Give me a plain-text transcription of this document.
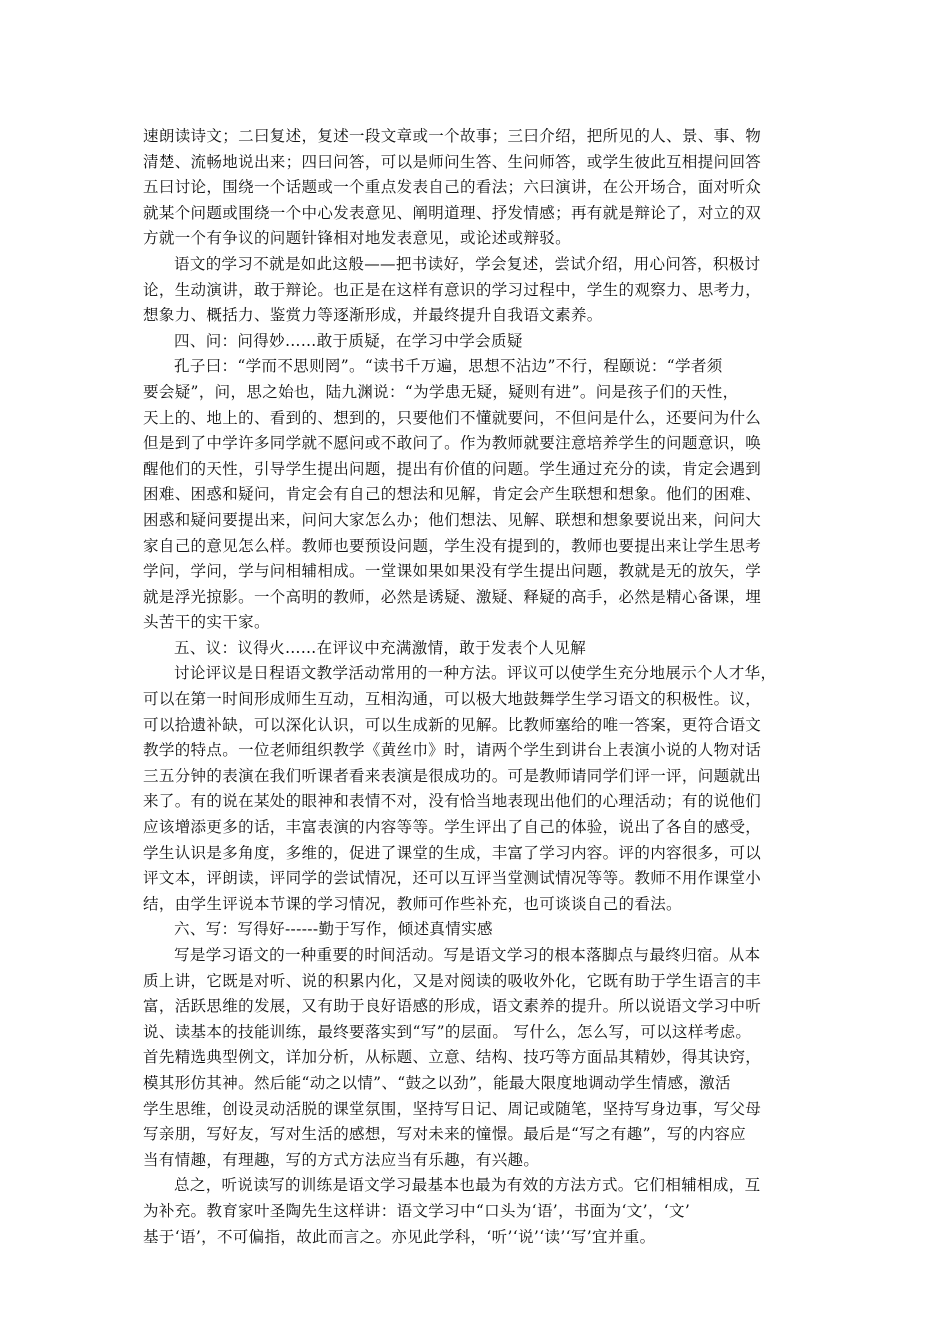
速朗读诗文；二曰复述，复述一段文章或一个故事；三曰介绍，把所见的人、景、事、物
清楚、流畅地说出来；四曰问答，可以是师问生答、生问师答，或学生彼此互相提问回答
五曰讨论，围绕一个话题或一个重点发表自己的看法；六曰演讲，在公开场合，面对听众
就某个问题或围绕一个中心发表意见、阐明道理、抒发情感；再有就是辩论了，对立的双
方就一个有争议的问题针锋相对地发表意见，或论述或辩驳。
语文的学习不就是如此这般——把书读好，学会复述，尝试介绍，用心问答，积极讨
论，生动演讲，敢于辩论。也正是在这样有意识的学习过程中，学生的观察力、思考力，
想象力、概括力、鉴赏力等逐渐形成，并最终提升自我语文素养。
四、问：问得妙……敢于质疑，在学习中学会质疑
孔子曰：“学而不思则罔”。“读书千万遍，思想不沾边”不行，程颐说：“学者须
要会疑”，问，思之始也，陆九渊说：“为学患无疑，疑则有进”。问是孩子们的天性，
天上的、地上的、看到的、想到的，只要他们不懂就要问，不但问是什么，还要问为什么
但是到了中学许多同学就不愿问或不敢问了。作为教师就要注意培养学生的问题意识，唤
醒他们的天性，引导学生提出问题，提出有价值的问题。学生通过充分的读，肯定会遇到
困难、困惑和疑问，肯定会有自己的想法和见解，肯定会产生联想和想象。他们的困难、
困惑和疑问要提出来，问问大家怎么办；他们想法、见解、联想和想象要说出来，问问大
家自己的意见怎么样。教师也要预设问题，学生没有提到的，教师也要提出来让学生思考
学问，学问，学与问相辅相成。一堂课如果如果没有学生提出问题，教就是无的放矢，学
就是浮光掠影。一个高明的教师，必然是诱疑、激疑、释疑的高手，必然是精心备课，埋
头苦干的实干家。
五、议：议得火……在评议中充满激情，敢于发表个人见解
讨论评议是日程语文教学活动常用的一种方法。评议可以使学生充分地展示个人才华，
可以在第一时间形成师生互动，互相沟通，可以极大地鼓舞学生学习语文的积极性。议，
可以拾遗补缺，可以深化认识，可以生成新的见解。比教师塞给的唯一答案，更符合语文
教学的特点。一位老师组织教学《黄丝巾》时，请两个学生到讲台上表演小说的人物对话
三五分钟的表演在我们听课者看来表演是很成功的。可是教师请同学们评一评，问题就出
来了。有的说在某处的眼神和表情不对，没有恰当地表现出他们的心理活动；有的说他们
应该增添更多的话，丰富表演的内容等等。学生评出了自己的体验，说出了各自的感受，
学生认识是多角度，多维的，促进了课堂的生成，丰富了学习内容。评的内容很多，可以
评文本，评朗读，评同学的尝试情况，还可以互评当堂测试情况等等。教师不用作课堂小
结，由学生评说本节课的学习情况，教师可作些补充，也可谈谈自己的看法。
六、写：写得好------勤于写作，倾述真情实感
写是学习语文的一种重要的时间活动。写是语文学习的根本落脚点与最终归宿。从本
质上讲，它既是对听、说的积累内化，又是对阅读的吸收外化，它既有助于学生语言的丰
富，活跃思维的发展，又有助于良好语感的形成，语文素养的提升。所以说语文学习中听
说、读基本的技能训练，最终要落实到“写”的层面。 写什么，怎么写，可以这样考虑。
首先精选典型例文，详加分析，从标题、立意、结构、技巧等方面品其精妙，得其诀窍，
模其形仿其神。然后能“动之以情”、“鼓之以劲”，能最大限度地调动学生情感，激活
学生思维，创设灵动活脱的课堂氛围，坚持写日记、周记或随笔，坚持写身边事，写父母
写亲朋，写好友，写对生活的感想，写对未来的憧憬。最后是“写之有趣”，写的内容应
当有情趣，有理趣，写的方式方法应当有乐趣，有兴趣。
总之，听说读写的训练是语文学习最基本也最为有效的方法方式。它们相辅相成，互
为补充。教育家叶圣陶先生这样讲：语文学习中“口头为‘语’，书面为‘文’，‘文’
基于‘语’，不可偏指，故此而言之。亦见此学科，‘听’‘说’‘读’‘写’宜并重。
